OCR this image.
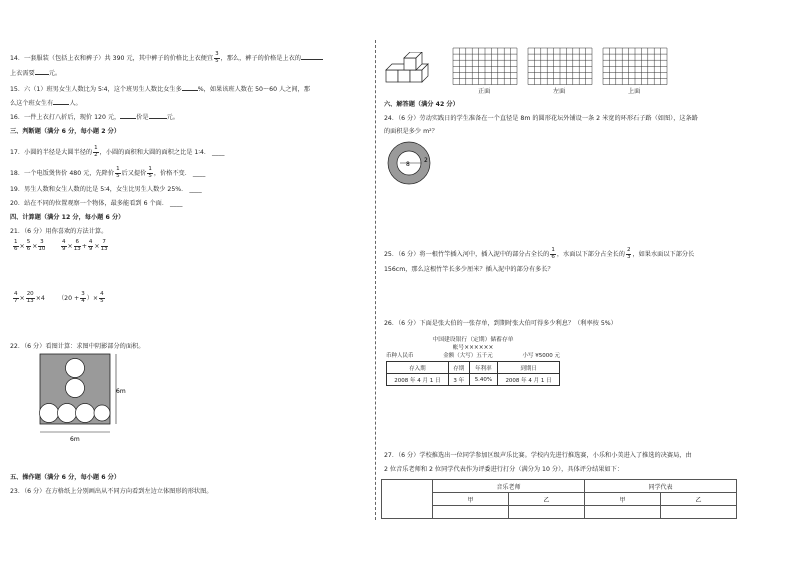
14．一套服装（包括上衣和裤子）共 390 元，其中裤子的价格比上衣便宜 $\frac{3}{5}$ ，那么，裤子的价格是上衣的
上衣需要 元。
15．六（1）班男女生人数比为 5∶4，这个班男生人数比女生多	%，如果该班人数在 50～60 人之间，那
么这个班女生有	人。
16．一件上衣打八折后，现价 120 元，	价是	元。
三、判断题（满分 6 分，每小题 2 分）
17．小圆的半径是大圆半径的 $\frac{1}{2}$ ，小圆的面积和大圆的面积之比是 1∶4． ____
18．一个电饭煲售价 480 元，先降价 $\frac{1}{5}$ 后又提价 $\frac{1}{5}$ ，价格不变． ____
19．男生人数和女生人数的比是 5∶4，女生比男生人数少 25%． ____
20．站在不同的位置观察一个物体，最多能看到 6 个面． ____
四、计算题（满分 12 分，每小题 6 分）
21．（6 分）用你喜欢的方法计算。
$\frac{1}{6} \times \frac{5}{6} \times \frac{3}{10}$	$\frac{4}{9} \times \frac{6}{13} + \frac{4}{9} \times \frac{7}{13}$
$\frac{4}{7} \times \frac{20}{13} \times 4$ （$20 + \frac{3}{4}$ ）× $\frac{4}{5}$
22．（6 分）看图计算：求图中阴影部分的面积。
6m
6m
五、操作题（满分 6 分，每小题 6 分）
23．（6 分）在方格纸上分别画出从不同方向看到左边立体图形的形状图。
正面	左面	上面
六、解答题（满分 42 分）
24．（6 分）劳动实践日的学生准备在一个直径是 8m 的圆形花坛外铺设一条 2 米宽的环形石子路（如图），这条路
的面积是多少 m²？
8
2
25．（6 分）将一根竹竿插入河中，插入泥中的部分占全长的 $\frac{1}{6}$ ，水面以下部分占全长的 $\frac{2}{3}$ ，如果水面以下部分长
156cm，那么这根竹竿长多少厘米？插入泥中的部分有多长？
26．（6 分）下面是张大伯的一张存单，到期时张大伯可得多少利息？（利率按 5%）
中国建设银行（定期）储蓄存单
帐号××××××
币种人民币	金额（大写）五千元	小写 ¥5000 元
存入期	存期	年利率	到期日
2008 年 4 月 1 日	3 年	5.40%	2008 年 4 月 1 日
27．（6 分）学校推选出一位同学参加区级声乐比赛。学校内先进行推选赛，小乐和小美进入了推选的决赛局，由
2 位音乐老师和 2 位同学代表作为评委进行打分（满分为 10 分），具体评分结果如下：
	音乐老师		同学代表	
	甲	乙	甲	乙
